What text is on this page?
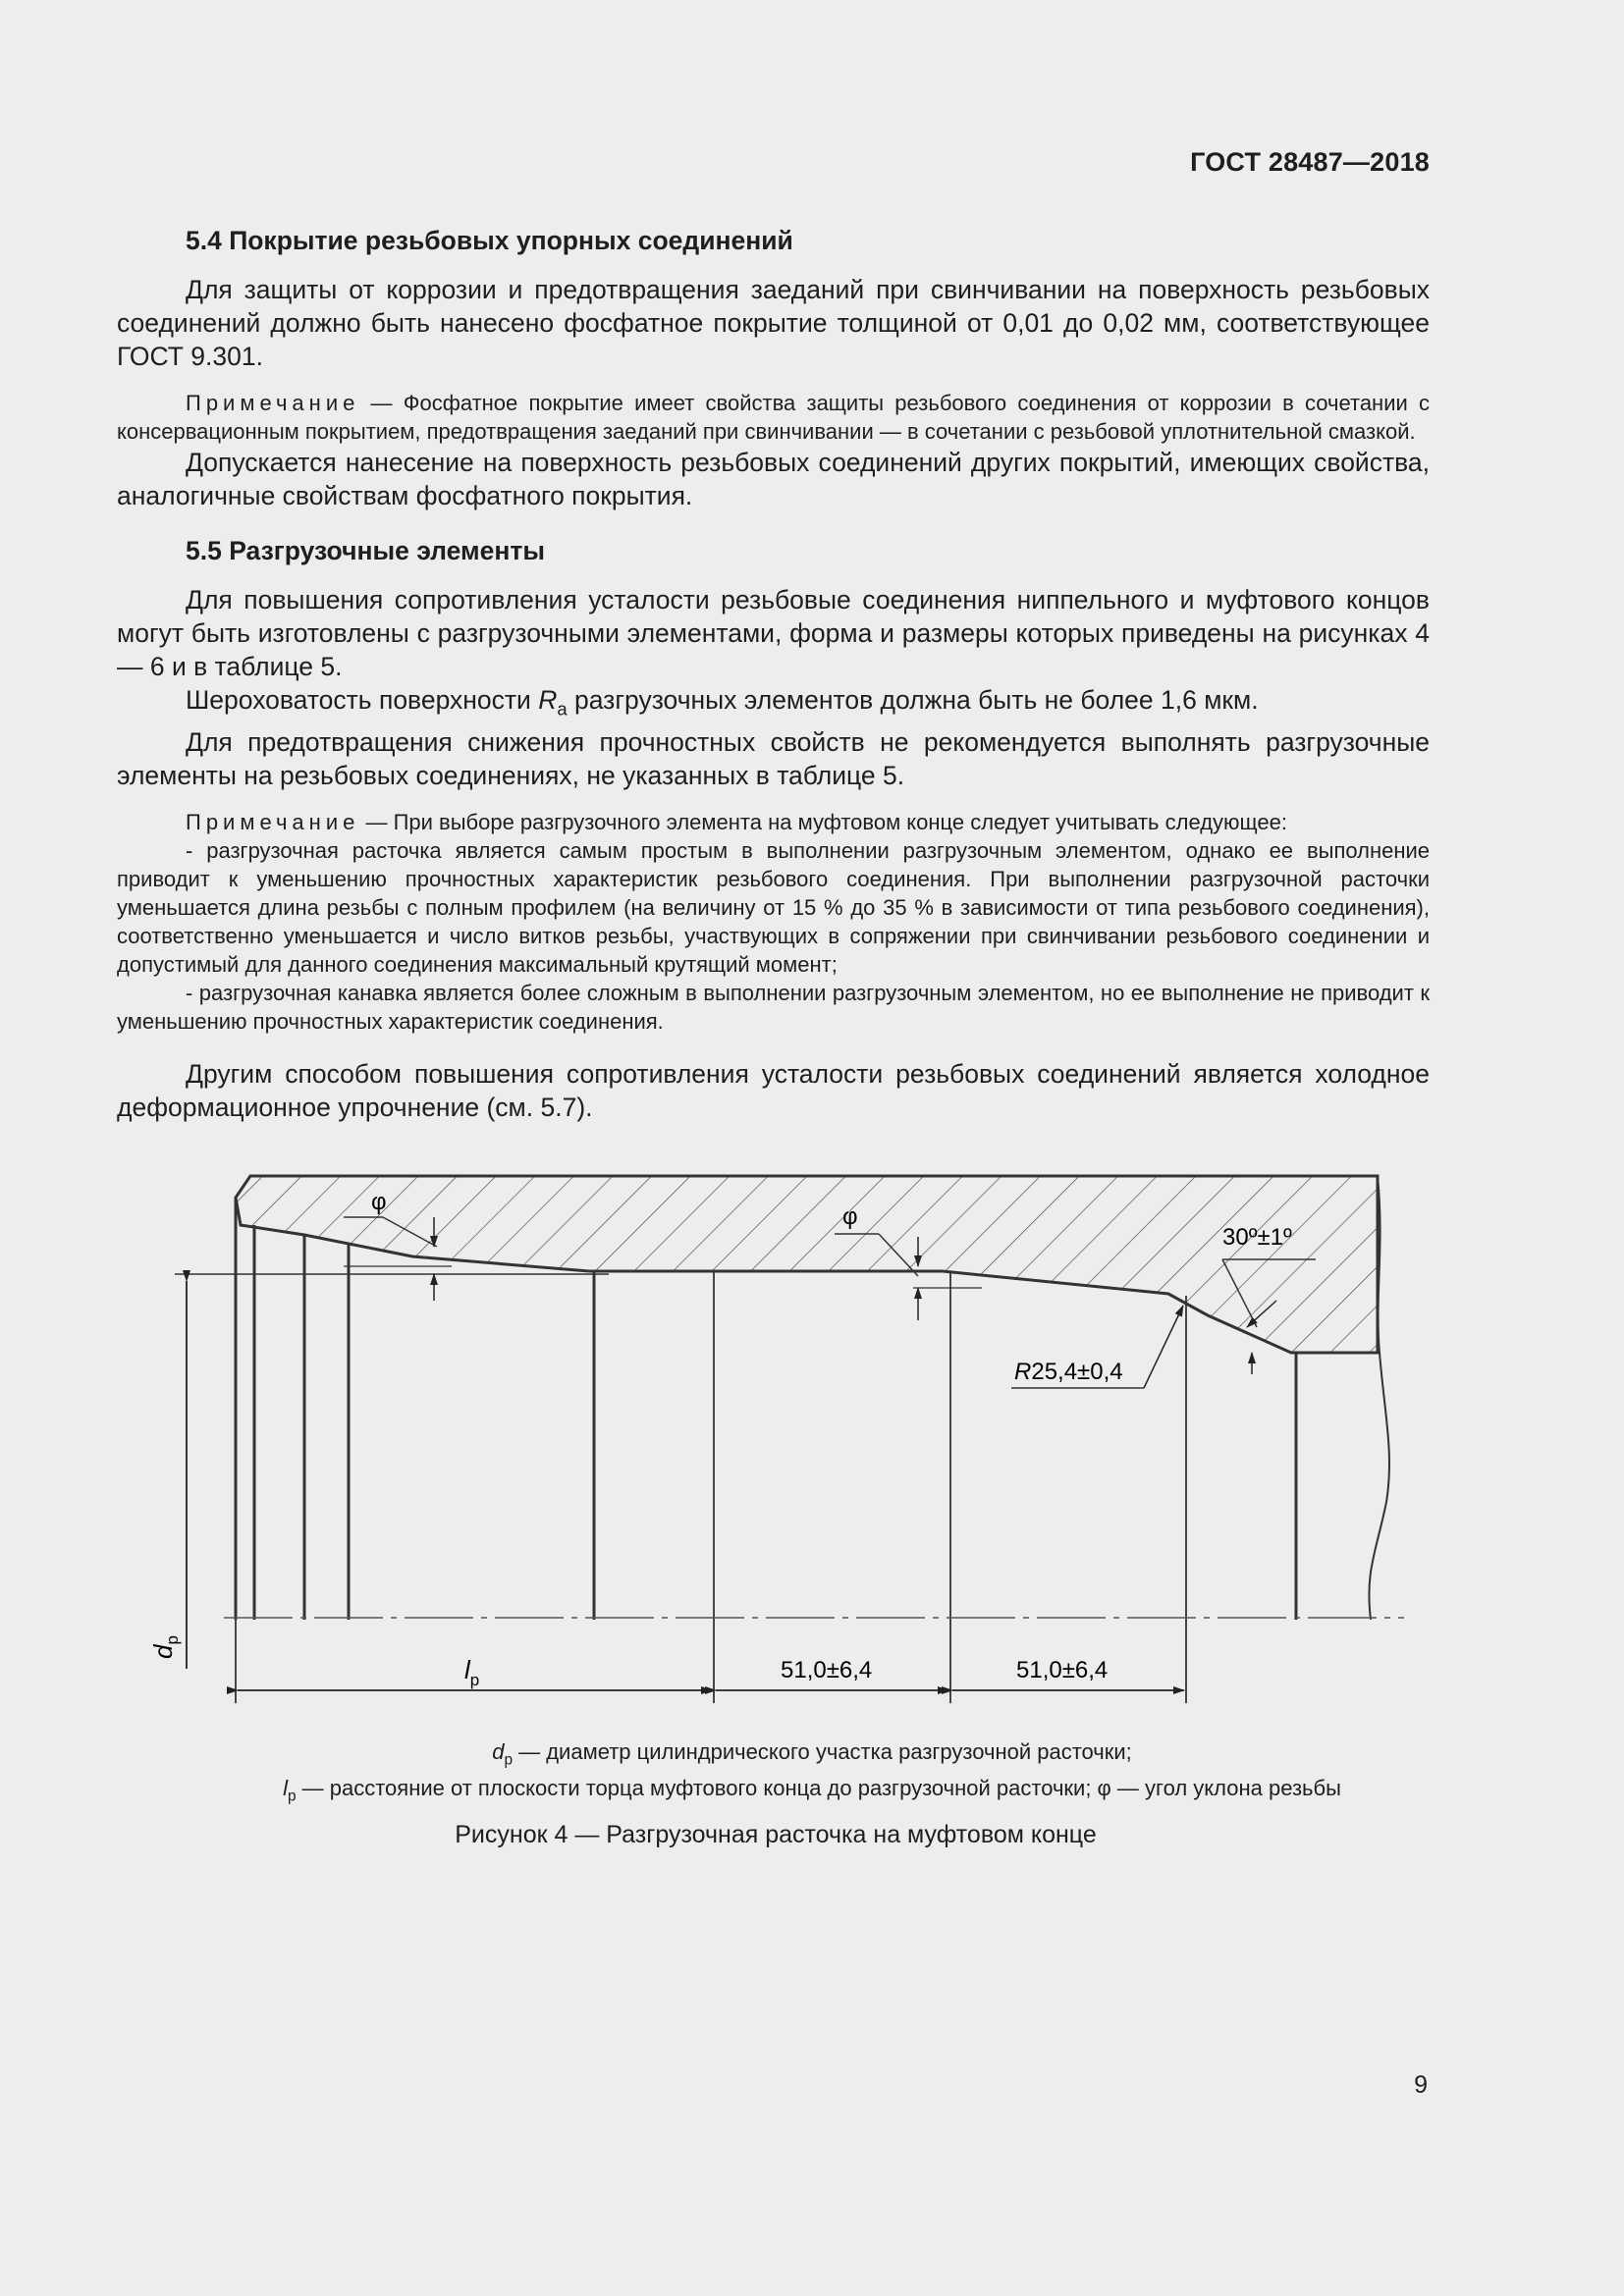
ГОСТ 28487—2018
5.4 Покрытие резьбовых упорных соединений

Для защиты от коррозии и предотвращения заеданий при свинчивании на поверхность резьбовых соединений должно быть нанесено фосфатное покрытие толщиной от 0,01 до 0,02 мм, соответствующее ГОСТ 9.301.

Примечание — Фосфатное покрытие имеет свойства защиты резьбового соединения от коррозии в сочетании с консервационным покрытием, предотвращения заеданий при свинчивании — в сочетании с резьбовой уплотнительной смазкой.

Допускается нанесение на поверхность резьбовых соединений других покрытий, имеющих свойства, аналогичные свойствам фосфатного покрытия.

5.5 Разгрузочные элементы

Для повышения сопротивления усталости резьбовые соединения ниппельного и муфтового концов могут быть изготовлены с разгрузочными элементами, форма и размеры которых приведены на рисунках 4 — 6 и в таблице 5.

Шероховатость поверхности $R_a$ разгрузочных элементов должна быть не более 1,6 мкм.

Для предотвращения снижения прочностных свойств не рекомендуется выполнять разгрузочные элементы на резьбовых соединениях, не указанных в таблице 5.

Примечание — При выборе разгрузочного элемента на муфтовом конце следует учитывать следующее:

- разгрузочная расточка является самым простым в выполнении разгрузочным элементом, однако ее выполнение приводит к уменьшению прочностных характеристик резьбового соединения. При выполнении разгрузочной расточки уменьшается длина резьбы с полным профилем (на величину от 15 % до 35 % в зависимости от типа резьбового соединения), соответственно уменьшается и число витков резьбы, участвующих в сопряжении при свинчивании резьбового соединении и допустимый для данного соединения максимальный крутящий момент;

- разгрузочная канавка является более сложным в выполнении разгрузочным элементом, но ее выполнение не приводит к уменьшению прочностных характеристик соединения.

Другим способом повышения сопротивления усталости резьбовых соединений является холодное деформационное упрочнение (см. 5.7).

$d_p$
φ
φ
30º±1º
R25,4±0,4
$l_p$	51,0±6,4	51,0±6,4
$d_p$ — диаметр цилиндрического участка разгрузочной расточки;
$l_p$ — расстояние от плоскости торца муфтового конца до разгрузочной расточки; φ — угол уклона резьбы
Рисунок 4 — Разгрузочная расточка на муфтовом конце
9
